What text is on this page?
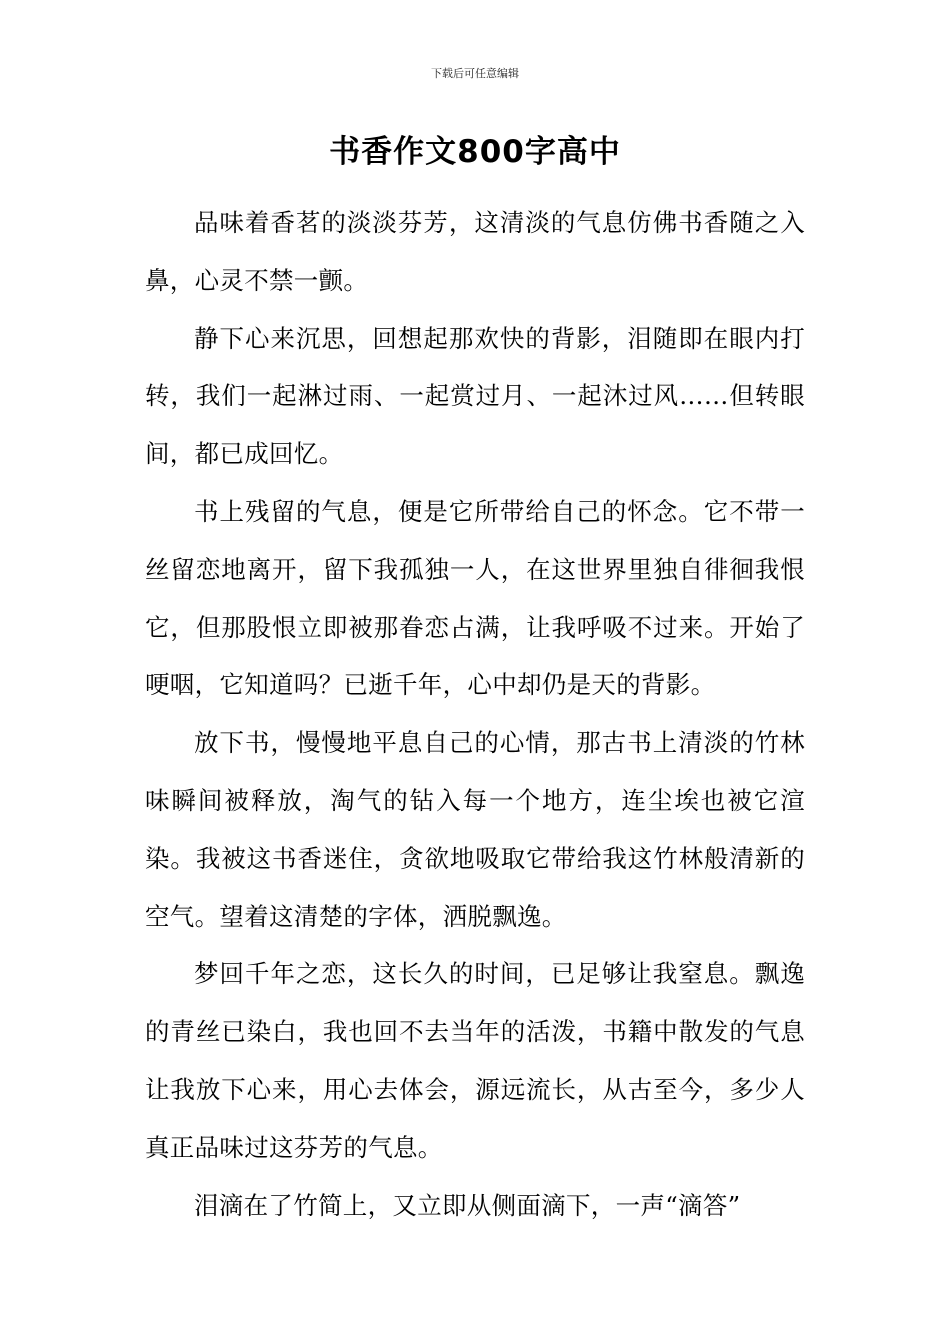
下载后可任意编辑
书香作文800字高中

品味着香茗的淡淡芬芳，这清淡的气息仿佛书香随之入鼻，心灵不禁一颤。

静下心来沉思，回想起那欢快的背影，泪随即在眼内打转，我们一起淋过雨、一起赏过月、一起沐过风……但转眼间，都已成回忆。

书上残留的气息，便是它所带给自己的怀念。它不带一丝留恋地离开，留下我孤独一人，在这世界里独自徘徊我恨它，但那股恨立即被那眷恋占满，让我呼吸不过来。开始了哽咽，它知道吗？已逝千年，心中却仍是天的背影。

放下书，慢慢地平息自己的心情，那古书上清淡的竹林味瞬间被释放，淘气的钻入每一个地方，连尘埃也被它渲染。我被这书香迷住，贪欲地吸取它带给我这竹林般清新的空气。望着这清楚的字体，洒脱飘逸。

梦回千年之恋，这长久的时间，已足够让我窒息。飘逸的青丝已染白，我也回不去当年的活泼，书籍中散发的气息让我放下心来，用心去体会，源远流长，从古至今，多少人真正品味过这芬芳的气息。

泪滴在了竹简上，又立即从侧面滴下，一声“滴答”
